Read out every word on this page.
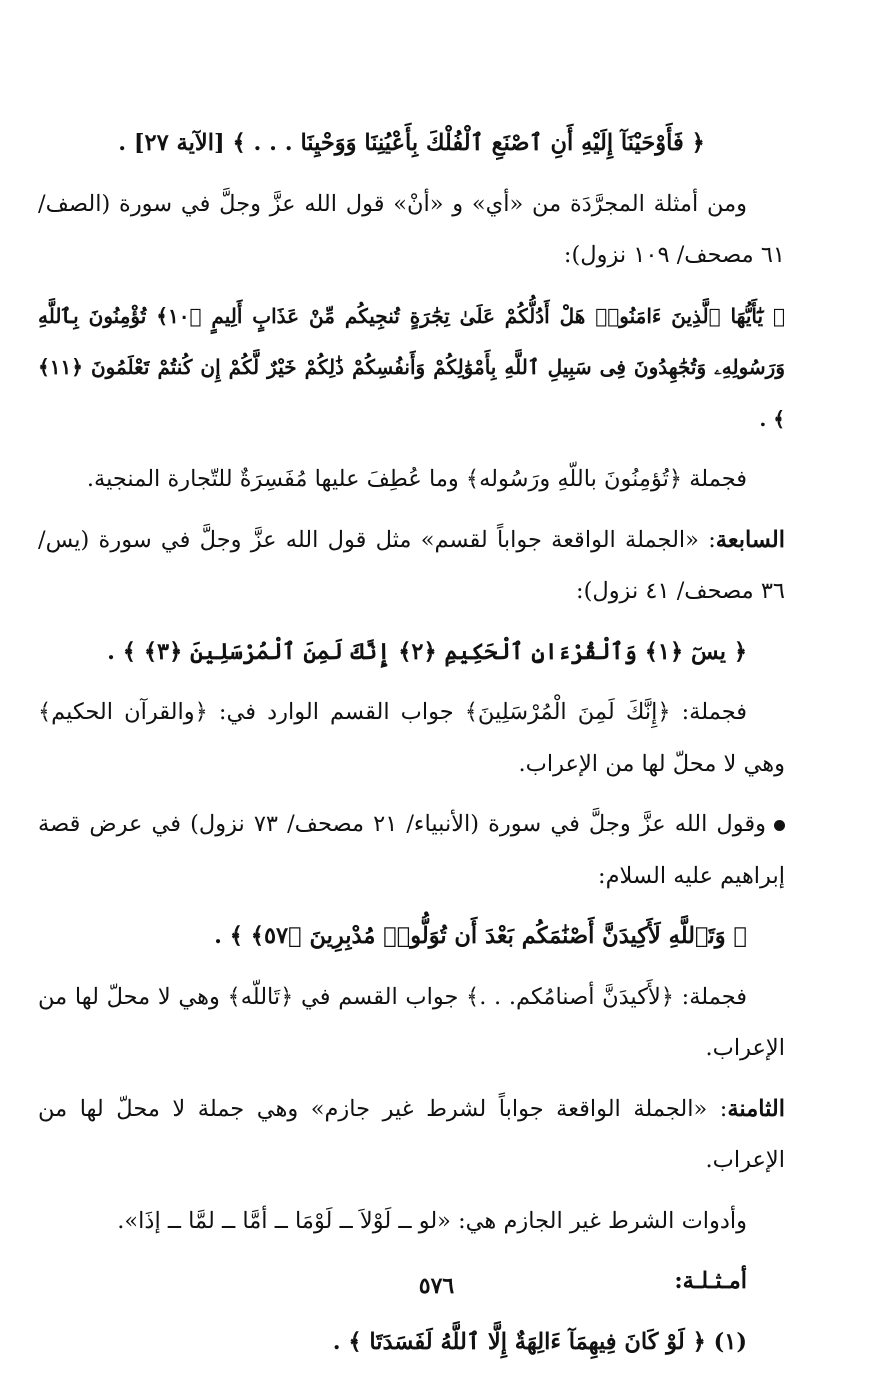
﴿ فَأَوْحَيْنَآ إِلَيْهِ أَنِ ٱصْنَعِ ٱلْفُلْكَ بِأَعْيُنِنَا وَوَحْيِنَا . . . ﴾ [الآية ٢٧] .

ومن أمثلة المجرَّدَة من «أي» و «أنْ» قول الله عزَّ وجلَّ في سورة (الصف/ ٦١ مصحف/ ١٠٩ نزول):

﴿ يَٰٓأَيُّهَا ٱلَّذِينَ ءَامَنُوا۟ هَلْ أَدُلُّكُمْ عَلَىٰ تِجَٰرَةٍ تُنجِيكُم مِّنْ عَذَابٍ أَلِيمٍ ﴿١٠﴾ تُؤْمِنُونَ بِٱللَّهِ وَرَسُولِهِۦ وَتُجَٰهِدُونَ فِى سَبِيلِ ٱللَّهِ بِأَمْوَٰلِكُمْ وَأَنفُسِكُمْ ذَٰلِكُمْ خَيْرٌ لَّكُمْ إِن كُنتُمْ تَعْلَمُونَ ﴿١١﴾ ﴾ .

فجملة ﴿تُؤمِنُونَ باللّهِ ورَسُوله﴾ وما عُطِفَ عليها مُفَسِرَةٌ للتّجارة المنجية.

السابعة: «الجملة الواقعة جواباً لقسم» مثل قول الله عزَّ وجلَّ في سورة (يس/ ٣٦ مصحف/ ٤١ نزول):

﴿ يسٓ ﴿١﴾ وَٱلْقُرْءَانِ ٱلْحَكِيمِ ﴿٢﴾ إِنَّكَ لَمِنَ ٱلْمُرْسَلِينَ ﴿٣﴾ ﴾ .

فجملة: ﴿إِنَّكَ لَمِنَ الْمُرْسَلِينَ﴾ جواب القسم الوارد في: ﴿والقرآن الحكيم﴾ وهي لا محلّ لها من الإعراب.

وقول الله عزَّ وجلَّ في سورة (الأنبياء/ ٢١ مصحف/ ٧٣ نزول) في عرض قصة إبراهيم عليه السلام:

﴿ وَتَٱللَّهِ لَأَكِيدَنَّ أَصْنَٰمَكُم بَعْدَ أَن تُوَلُّوا۟ مُدْبِرِينَ ﴿٥٧﴾ ﴾ .

فجملة: ﴿لأَكيدَنَّ أصنامُكم. . .﴾ جواب القسم في ﴿تَاللّه﴾ وهي لا محلّ لها من الإعراب.

الثامنة: «الجملة الواقعة جواباً لشرط غير جازم» وهي جملة لا محلّ لها من الإعراب.

وأدوات الشرط غير الجازم هي: «لو ــ لَوْلاَ ــ لَوْمَا ــ أمَّا ــ لمَّا ــ إذَا».

أمـثـلـة:

(١) ﴿ لَوْ كَانَ فِيهِمَآ ءَالِهَةٌ إِلَّا ٱللَّهُ لَفَسَدَتَا ﴾ .

٥٧٦
